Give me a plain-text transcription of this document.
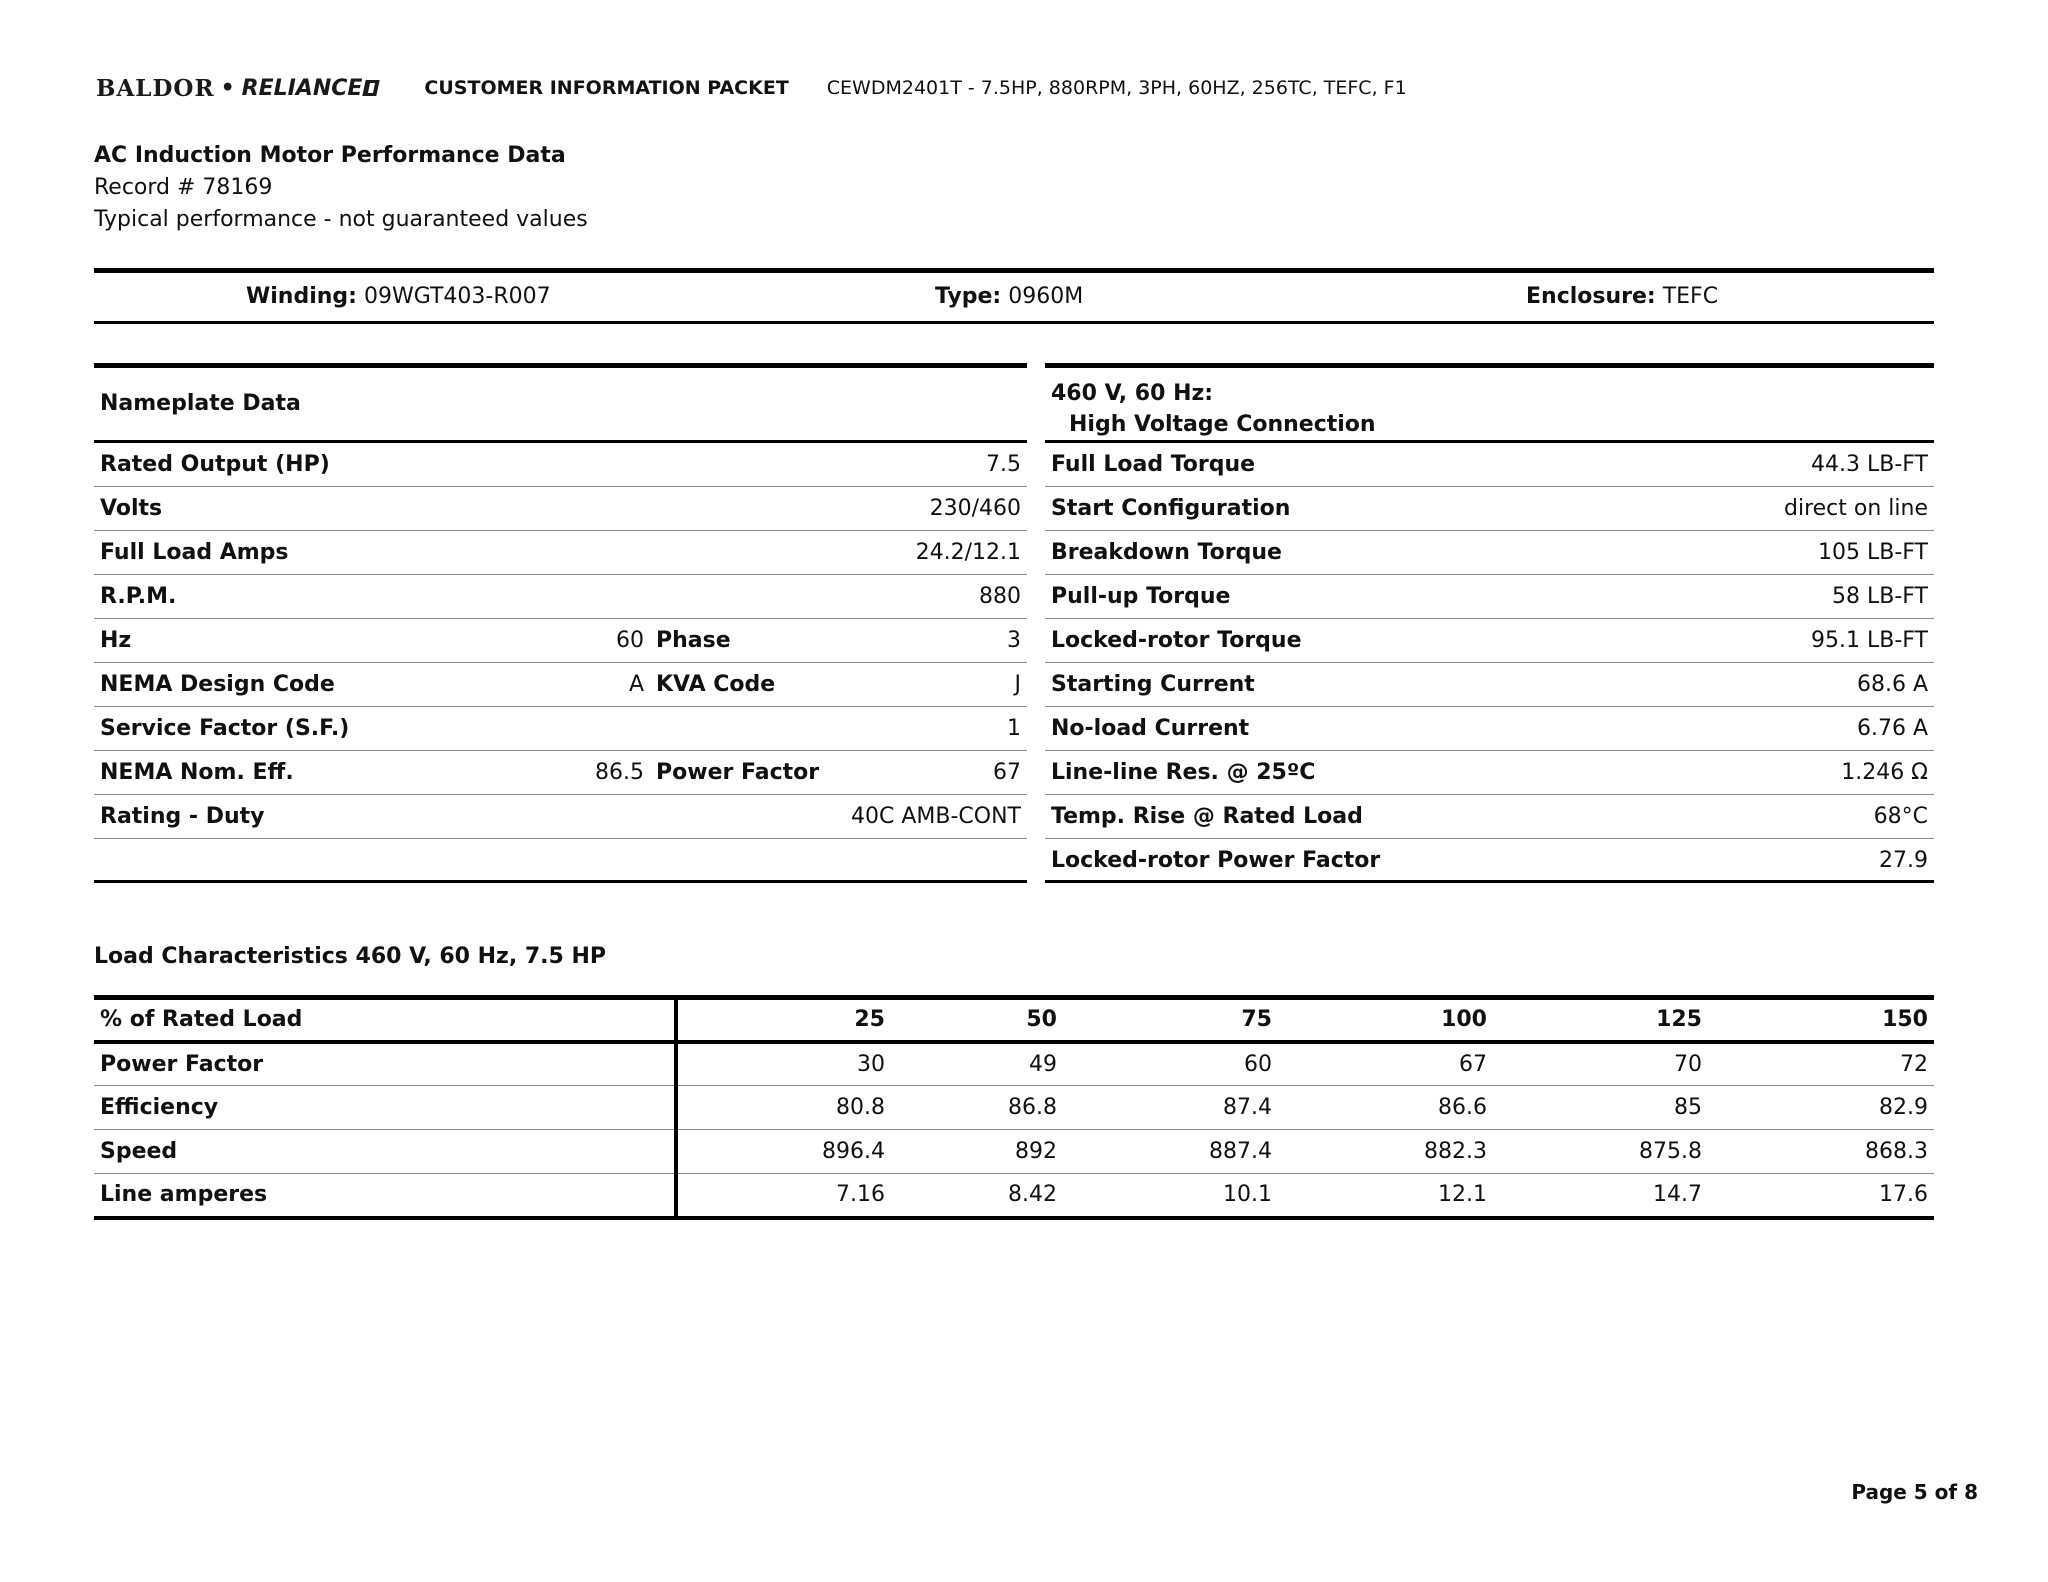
BALDOR • RELIANCE	CUSTOMER INFORMATION PACKET CEWDM2401T - 7.5HP, 880RPM, 3PH, 60HZ, 256TC, TEFC, F1
AC Induction Motor Performance Data
Record # 78169
Typical performance - not guaranteed values
Winding: 09WGT403-R007	Type: 0960M	Enclosure: TEFC
Nameplate Data
Rated Output (HP)	7.5
Volts	230/460
Full Load Amps	24.2/12.1
R.P.M.	880
Hz	60 Phase	3
NEMA Design Code	A KVA Code	J
Service Factor (S.F.)	1
NEMA Nom. Eff.	86.5 Power Factor	67
Rating - Duty	40C AMB-CONT
460 V, 60 Hz:
High Voltage Connection
Full Load Torque	44.3 LB-FT
Start Configuration	direct on line
Breakdown Torque	105 LB-FT
Pull-up Torque	58 LB-FT
Locked-rotor Torque	95.1 LB-FT
Starting Current	68.6 A
No-load Current	6.76 A
Line-line Res. @ 25ºC	1.246 Ω
Temp. Rise @ Rated Load	68°C
Locked-rotor Power Factor	27.9
Load Characteristics 460 V, 60 Hz, 7.5 HP
% of Rated Load	25	50	75	100	125	150
Power Factor	30	49	60	67	70	72
Efficiency	80.8	86.8	87.4	86.6	85	82.9
Speed	896.4	892	887.4	882.3	875.8	868.3
Line amperes	7.16	8.42	10.1	12.1	14.7	17.6
Page 5 of 8
